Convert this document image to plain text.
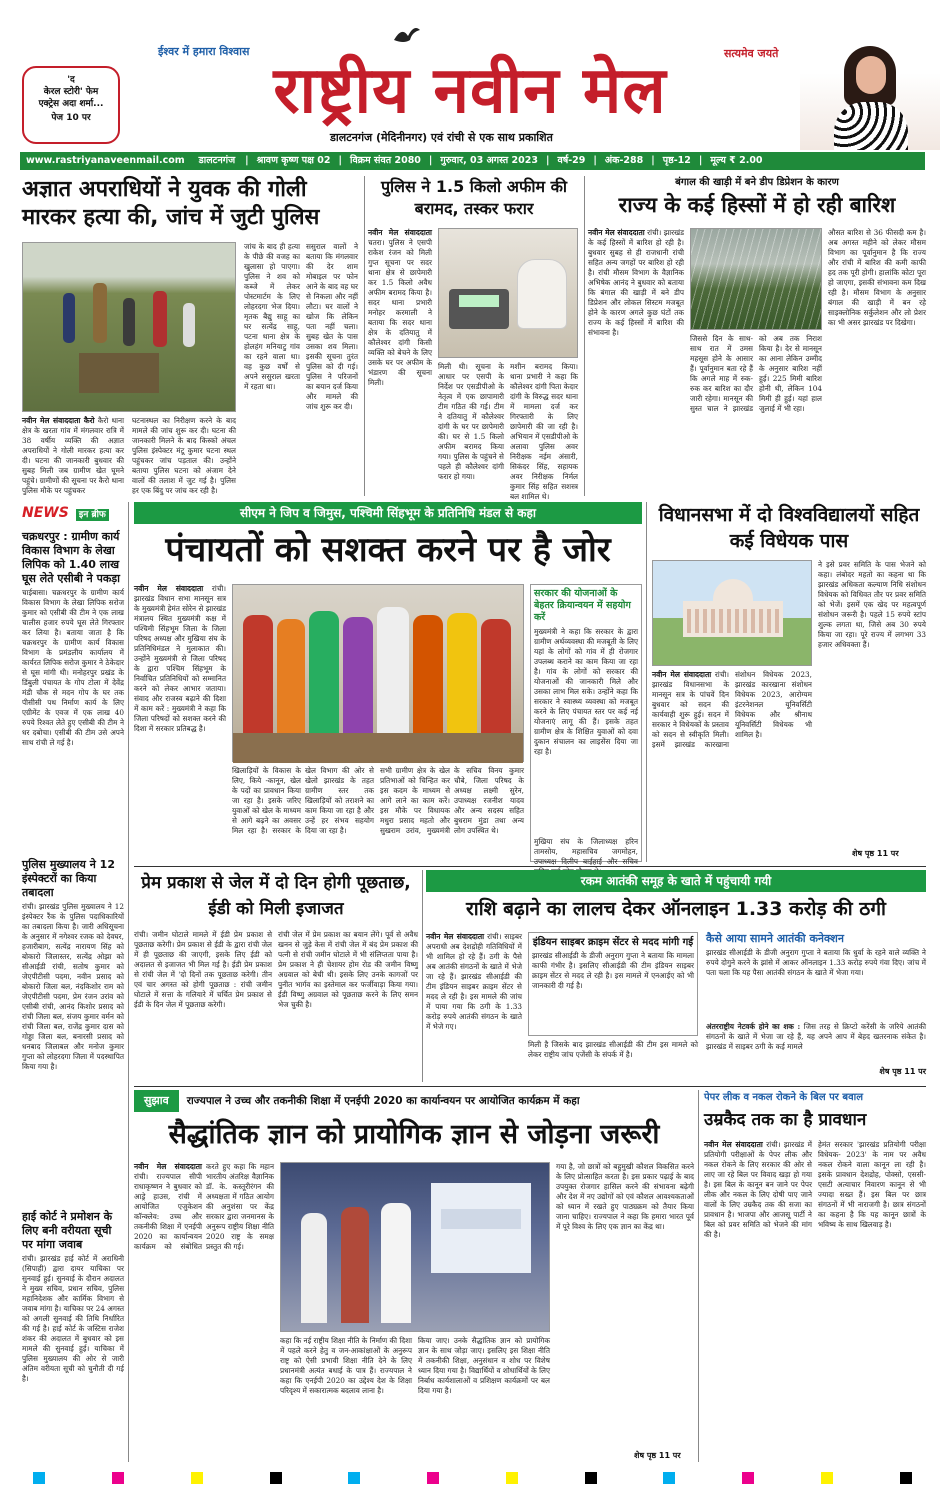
'द
केरल स्टोरी' फेम
एक्ट्रेस अदा शर्मा...
पेज 10 पर
ईश्वर में हमारा विश्वास	सत्यमेव जयते
राष्ट्रीय नवीन मेल
डालटनगंज (मेदिनीनगर) एवं रांची से एक साथ प्रकाशित
www.rastriyanaveenmail.com डालटनगंज | श्रावण कृष्ण पक्ष 02 | विक्रम संवत 2080 | गुरुवार, 03 अगस्त 2023 | वर्ष-29 | अंक-288 | पृष्ठ-12 | मूल्य ₹ 2.00
अज्ञात अपराधियों ने युवक की गोली मारकर हत्या की, जांच में जुटी पुलिस
नवीन मेल संवाददाता कैरो कैरो थाना क्षेत्र के खरता गांव में मंगलवार रात्रि में 38 वर्षीय व्यक्ति की अज्ञात अपराधियों ने गोली मारकर हत्या कर दी। घटना की जानकारी बुधवार की सुबह मिली जब ग्रामीण खेत घूमने पहुंचे। ग्रामीणों की सूचना पर कैरो थाना पुलिस मौके पर पहुंचकर
घटनास्थल का निरीक्षण करने के बाद मामले की जांच शुरू कर दी। घटना की जानकारी मिलने के बाद किस्को अंचल पुलिस इंस्पेक्टर मंटू कुमार घटना स्थल पहुंचकर जांच पड़ताल की। उन्होंने बताया पुलिस घटना को अंजाम देने वालों की तलाश में जुट गई है। पुलिस हर एक बिंदु पर जांच कर रही है।
जांच के बाद ही हत्या के पीछे की वजह का खुलासा हो पाएगा। पुलिस ने शव को कब्जे में लेकर पोस्टमार्टम के लिए लोहरदगा भेज दिया। मृतक बैद्यु साहू का घर सत्येंद्र साहू, पटना थाना क्षेत्र के होलहंग मनियाटु गांव का रहने वाला था। वह कुछ वर्षों से अपने ससुराल खरता में रहता था।
ससुराल वालों ने बताया कि मंगलवार की देर शाम मोबाइल पर फोन आने के बाद वह घर से निकला और नहीं लौटा। घर वालों ने खोज कि लेकिन पता नहीं चला। सुबह खेत के पास उसका शव मिला। इसकी सूचना तुरंत पुलिस को दी गई। पुलिस ने परिजनों का बयान दर्ज किया और मामले की जांच शुरू कर दी।
पुलिस ने 1.5 किलो अफीम की बरामद, तस्कर फरार
नवीन मेल संवाददाता चतरा। पुलिस ने एसपी राकेश रंजन को मिली गुप्त सूचना पर सदर थाना क्षेत्र से छापेमारी कर 1.5 किलो अवैध अफीम बरामद किया है। सदर थाना प्रभारी मनोहर करमाली ने बताया कि सदर थाना क्षेत्र के दतियातु में कौलेश्वर दांगी किसी व्यक्ति को बेचने के लिए उसके घर पर अफीम के भंडारण की सूचना मिली।
मिली थी। सूचना के आधार पर एसपी के निर्देश पर एसडीपीओ के नेतृत्व में एक छापामारी टीम गठित की गई। टीम ने दतियातु में कौलेश्वर दांगी के घर पर छापेमारी की। घर से 1.5 किलो अफीम बरामद किया गया। पुलिस के पहुंचने से पहले ही कौलेश्वर दांगी फरार हो गया।
मशीन बरामद किया। थाना प्रभारी ने कहा कि कौलेश्वर दांगी पिता केदार दांगी के विरुद्ध सदर थाना में मामला दर्ज कर गिरफ्तारी के लिए छापेमारी की जा रही है। अभियान में एसडीपीओ के अलावा पुलिस अवर निरीक्षक नईम अंसारी, सिकंदर सिंह, सहायक अवर निरीक्षक निर्मल कुमार सिंह सहित सशस्त्र बल शामिल थे।
बंगाल की खाड़ी में बने डीप डिप्रेशन के कारण
राज्य के कई हिस्सों में हो रही बारिश
नवीन मेल संवाददाता रांची। झारखंड के कई हिस्सों में बारिश हो रही है। बुधवार सुबह से ही राजधानी रांची सहित अन्य जगहों पर बारिश हो रही है। रांची मौसम विभाग के वैज्ञानिक अभिषेक आनंद ने बुधवार को बताया कि बंगाल की खाड़ी में बने डीप डिप्रेशन और लोकल सिस्टम मजबूत होने के कारण अगले कुछ घंटों तक राज्य के कई हिस्सों में बारिश की संभावना है।
जिससे दिन के साथ-साथ रात में उमस महसूस होने के आसार हैं। पूर्वानुमान बता रहे हैं कि अगले माह में रुक-रुक कर बारिश का दौर जारी रहेगा। मानसून की सुस्त चाल ने झारखंड को अब तक निराश किया है। देर से मानसून का आना लेकिन उम्मीद के अनुसार बारिश नहीं हुई। 225 मिमी बारिश होनी थी, लेकिन 104 मिमी ही हुई। यहां हाल जुलाई में भी रहा।
औसत बारिश से 36 फीसदी कम है। अब अगस्त महीने को लेकर मौसम विभाग का पूर्वानुमान है कि राज्य और रांची में बारिश की कमी काफी हद तक पूरी होगी। हालांकि कोटा पूरा हो जाएगा, इसकी संभावना कम दिख रही है। मौसम विभाग के अनुसार बंगाल की खाड़ी में बन रहे साइक्लोनिक सर्कुलेशन और लो प्रेशर का भी असर झारखंड पर दिखेगा।
NEWS इन ब्रीफ
चक्रधरपुर : ग्रामीण कार्य विकास विभाग के लेखा लिपिक को 1.40 लाख घूस लेते एसीबी ने पकड़ा
चाईबासा। चक्रधरपुर के ग्रामीण कार्य विकास विभाग के लेखा लिपिक सरोज कुमार को एसीबी की टीम ने एक लाख चालीस हजार रुपये घूस लेते गिरफ्तार कर लिया है। बताया जाता है कि चक्रधरपुर के ग्रामीण कार्य विकास विभाग के प्रमंडलीय कार्यालय में कार्यरत लिपिक सरोज कुमार ने ठेकेदार से घूस मांगी थी। मनोहरपुर प्रखंड के डिंबुली पंचायत के गोप टोला में देवेंद्र मंडी चौक से मदन गोप के घर तक पीसीसी पथ निर्माण कार्य के लिए एग्रीमेंट के एवज में एक लाख 40 रुपये रिश्वत लेते हुए एसीबी की टीम ने धर दबोचा। एसीबी की टीम उसे अपने साथ रांची ले गई है।
पुलिस मुख्यालय ने 12 इंस्पेक्टरों का किया तबादला
रांची। झारखंड पुलिस मुख्यालय ने 12 इंस्पेक्टर रैंक के पुलिस पदाधिकारियों का तबादला किया है। जारी अधिसूचना के अनुसार में नगेश्वर रजक को देवघर, हजारीबाग, सत्येंद्र नारायण सिंह को बोकारो जिलास्तर, सत्येंद्र ओझा को सीआईडी रांची, सतोष कुमार को जेएपीटीसी पदमा, नवीन प्रसाद को बोकारो जिला बल, नंदकिशोर राम को जेएपीटीसी पदमा, प्रेम रंजन उरांव को एसीबी रांची, आनंद किशोर प्रसाद को रांची जिला बल, संजय कुमार वर्मन को रांची जिला बल, राजेंद्र कुमार दास को गोड्डा जिला बल, बनारसी प्रसाद को धनबाद जिलाबल और मनोज कुमार गुप्ता को लोहरदगा जिला में पदस्थापित किया गया है।
हाई कोर्ट ने प्रमोशन के लिए बनी वरीयता सूची पर मांगा जवाब
रांची। झारखंड हाई कोर्ट में अराधिनी (सिपाही) द्वारा दायर याचिका पर सुनवाई हुई। सुनवाई के दौरान अदालत ने मुख्य सचिव, प्रधान सचिव, पुलिस महानिदेशक और कार्मिक विभाग से जवाब मांगा है। याचिका पर 24 अगस्त को अगली सुनवाई की तिथि निर्धारित की गई है। हाई कोर्ट के जस्टिस राजेश शंकर की अदालत में बुधवार को इस मामले की सुनवाई हुई। याचिका में पुलिस मुख्यालय की ओर से जारी अंतिम वरीयता सूची को चुनौती दी गई है।
सीएम ने जिप व जिमुस, पश्चिमी सिंहभूम के प्रतिनिधि मंडल से कहा
पंचायतों को सशक्त करने पर है जोर
नवीन मेल संवाददाता रांची। झारखंड विधान सभा मानसून सत्र के मुख्यमंत्री हेमंत सोरेन से झारखंड मंत्रालय स्थित मुख्यमंत्री कक्ष में पश्चिमी सिंहभूम जिला के जिला परिषद अध्यक्ष और मुखिया संघ के प्रतिनिधिमंडल ने मुलाकात की। उन्होंने मुख्यमंत्री से जिला परिषद के द्वारा पश्चिम सिंहभूम के निर्वाचित प्रतिनिधियों को सम्मानित करने को लेकर आभार जताया। संवाद और राजस्व बढ़ाने की दिशा में काम करें : मुख्यमंत्री ने कहा कि जिला परिषदों को सशक्त करने की दिशा में सरकार प्रतिबद्ध है।
खिलाड़ियों के विकास के लिए, किये -कानून, खेल के पदों का प्रावधान किया जा रहा है। इसके जरिए युवाओं को खेल के माध्यम से आगे बढ़ने का अवसर मिल रहा है। सरकार के खेल विभाग की ओर से खेलो झारखंड के तहत ग्रामीण स्तर तक खिलाड़ियों को तराशने का काम किया जा रहा है और उन्हें हर संभव सहयोग दिया जा रहा है।
सभी ग्रामीण क्षेत्र के खेल प्रतिभाओं को चिन्हित कर इस कदम के माध्यम से आगे लाने का काम करें। इस मौके पर विधायक मधुरा प्रसाद महतो और सुखराम उरांव, मुख्यमंत्री के सचिव विनय कुमार चौबे, जिला परिषद के अध्यक्ष लक्ष्मी सुरेन, उपाध्यक्ष रजनीश यादव और अन्य सदस्य सहित बुधराम मुंडा तथा अन्य लोग उपस्थित थे।
सरकार की योजनाओं के बेहतर क्रियान्वयन में सहयोग करें
मुख्यमंत्री ने कहा कि सरकार के द्वारा ग्रामीण अर्थव्यवस्था की मजबूती के लिए यहां के लोगों को गांव में ही रोजगार उपलब्ध कराने का काम किया जा रहा है। गांव के लोगों को सरकार की योजनाओं की जानकारी मिले और उसका लाभ मिल सके। उन्होंने कहा कि सरकार ने स्वास्थ्य व्यवस्था को मजबूत करने के लिए पंचायत स्तर पर कई नई योजनाएं लागू की हैं। इसके तहत ग्रामीण क्षेत्र के शिक्षित युवाओं को दवा दुकान संचालन का लाइसेंस दिया जा रहा है।
मुखिया संघ के जिलाध्यक्ष हरिन तामसोय, महासचिव जगमोहन, उपाध्यक्ष दिलीप बाईहाई और सचिव
विधानसभा में दो विश्वविद्यालयों सहित कई विधेयक पास
नवीन मेल संवाददाता रांची। झारखंड विधानसभा के मानसून सत्र के पांचवें दिन बुधवार को सदन की कार्यवाही शुरू हुई। सदन में सरकार ने विधेयकों के प्रस्ताव को सदन से स्वीकृति मिली। इसमें झारखंड कारखाना संशोधन विधेयक 2023, झारखंड कारखाना संशोधन विधेयक 2023, आरोग्यम इंटरनेशनल यूनिवर्सिटी विधेयक और श्रीनाथ यूनिवर्सिटी विधेयक भी शामिल है।
ने इसे प्रवर समिति के पास भेजने को कहा। लंबोदर महतो का कहना था कि झारखंड अधिकता कल्याण निधि संशोधन विधेयक को विधिवत तौर पर प्रवर समिति को भेजें। इसमें एक खेद पर महत्वपूर्ण संशोधन जरूरी है। पहले 15 रुपये स्टांप शुल्क लगता था, जिसे अब 30 रुपये किया जा रहा। पूरे राज्य में लगभग 33 हजार अधिवक्ता हैं।
शेष पृष्ठ 11 पर
प्रेम प्रकाश से जेल में दो दिन होगी पूछताछ, ईडी को मिली इजाजत
रांची। जमीन घोटाले मामले में ईडी प्रेम प्रकाश से पूछताछ करेगी। प्रेम प्रकाश से ईडी के द्वारा रांची जेल में ही पूछताछ की जाएगी, इसके लिए ईडी को अदालत से इजाजत भी मिल गई है। ईडी प्रेम प्रकाश से रांची जेल में 'दो दिनों तक पूछताछ करेगी। तीन एवं चार अगस्त को होगी पूछताछ : रांची जमीन घोटाले में सत्ता के गलियारे में चर्चित प्रेम प्रकाश से ईडी के दिन जेल में पूछताछ करेगी।
रांची जेल में प्रेम प्रकाश का बयान लेंगे। पूर्व से अवैध खनन से जुड़े केस में रांची जेल में बंद प्रेम प्रकाश की पत्नी से रांची जमीन घोटाले में भी संलिप्तता पाया है। प्रेम प्रकाश ने ही चेशायर होम रोड की जमीन विष्णु अग्रवाल को बेची थी। इसके लिए उनके कागजों पर पुनीत भार्गव का इस्तेमाल कर फर्जीवाड़ा किया गया। ईडी विष्णु अग्रवाल को पूछताछ करने के लिए समन भेज चुकी है।
रकम आतंकी समूह के खाते में पहुंचायी गयी
राशि बढ़ाने का लालच देकर ऑनलाइन 1.33 करोड़ की ठगी
नवीन मेल संवाददाता रांची। साइबर अपराधी अब देशद्रोही गतिविधियों में भी शामिल हो रहे हैं। ठगी के पैसे अब आतंकी संगठनों के खाते में भेजे जा रहे हैं। झारखंड सीआईडी की टीम इंडियन साइबर क्राइम सेंटर से मदद ले रही है। इस मामले की जांच में पाया गया कि ठगी के 1.33 करोड़ रुपये आतंकी संगठन के खाते में भेजे गए।
इंडियन साइबर क्राइम सेंटर से मदद मांगी गई
झारखंड सीआईडी के डीजी अनुराग गुप्ता ने बताया कि मामला काफी गंभीर है। इसलिए सीआईडी की टीम इंडियन साइबर क्राइम सेंटर से मदद ले रही है। इस मामले में एनआईए को भी जानकारी दी गई है।
मिली है जिसके बाद झारखंड सीआईडी की टीम इस मामले को लेकर राष्ट्रीय जांच एजेंसी के संपर्क में है।
कैसे आया सामने आतंकी कनेक्शन
झारखंड सीआईडी के डीजी अनुराग गुप्ता ने बताया कि धुर्वा के रहने वाले व्यक्ति ने रुपये दोगुने करने के झांसे में आकर ऑनलाइन 1.33 करोड़ रुपये गंवा दिए। जांच में पता चला कि यह पैसा आतंकी संगठन के खाते में भेजा गया।
अंतरराष्ट्रीय नेटवर्क होने का शक : जिस तरह से क्रिप्टो करेंसी के जरिये आतंकी संगठनों के खाते में भेजा जा रहे हैं, यह अपने आप में बेहद खतरनाक संकेत है। झारखंड में साइबर ठगी के कई मामले
शेष पृष्ठ 11 पर
सुझाव	राज्यपाल ने उच्च और तकनीकी शिक्षा में एनईपी 2020 का कार्यान्वयन पर आयोजित कार्यक्रम में कहा
सैद्धांतिक ज्ञान को प्रायोगिक ज्ञान से जोड़ना जरूरी
नवीन मेल संवाददाता रांची। राज्यपाल सीपी राधाकृष्णन ने बुधवार को आड्रे हाउस, रांची में आयोजित एजुकेशन कॉन्क्लेव: उच्च और तकनीकी शिक्षा में एनईपी 2020 का कार्यान्वयन कार्यक्रम को संबोधित करते हुए कहा कि महान भारतीय अंतरिक्ष वैज्ञानिक डॉ. के. कस्तूरीरंगन की अध्यक्षता में गठित आयोग की अनुशंसा पर केंद्र सरकार द्वारा जनमानस के अनुरूप राष्ट्रीय शिक्षा नीति 2020 राष्ट्र के समक्ष प्रस्तुत की गई।
कहा कि नई राष्ट्रीय शिक्षा नीति के निर्माण की दिशा में पहले करने हेतु व जन-आकांक्षाओं के अनुरूप राष्ट्र को ऐसी प्रभावी शिक्षा नीति देने के लिए प्रधानमंत्री अत्यंत बधाई के पात्र हैं। राज्यपाल ने कहा कि एनईपी 2020 का उद्देश्य देश के शिक्षा परिदृश्य में सकारात्मक बदलाव लाना है।
किया जाए। उनके सैद्धांतिक ज्ञान को प्रायोगिक ज्ञान के साथ जोड़ा जाए। इसलिए इस शिक्षा नीति में तकनीकी शिक्षा, अनुसंधान व शोध पर विशेष ध्यान दिया गया है। विद्यार्थियों व शोधार्थियों के लिए निर्बाध कार्यशालाओं व प्रशिक्षण कार्यक्रमों पर बल दिया गया है।
गया है, जो छात्रों को बहुमुखी कौशल विकसित करने के लिए प्रोत्साहित करता है। इस प्रकार पढ़ाई के बाद उपयुक्त रोजगार हासिल करने की संभावना बढ़ेगी और देश में नए उद्योगों को एवं कौशल आवश्यकताओं को ध्यान में रखते हुए पाठ्यक्रम को तैयार किया जाना चाहिए। राज्यपाल ने कहा कि हमारा भारत पूर्व में पूरे विश्व के लिए एक ज्ञान का केंद्र था।
शेष पृष्ठ 11 पर
पेपर लीक व नकल रोकने के बिल पर बवाल
उम्रकैद तक का है प्रावधान
नवीन मेल संवाददाता रांची। झारखंड में प्रतियोगी परीक्षाओं के पेपर लीक और नकल रोकने के लिए सरकार की ओर से लाए जा रहे बिल पर विवाद खड़ा हो गया है। इस बिल के कानून बन जाने पर पेपर लीक और नकल के लिए दोषी पाए जाने वालों के लिए उम्रकैद तक की सजा का प्रावधान है। भाजपा और आजसू पार्टी ने बिल को प्रवर समिति को भेजने की मांग की है।
हेमंत सरकार 'झारखंड प्रतियोगी परीक्षा विधेयक- 2023' के नाम पर अवैध नकल रोकने वाला कानून ला रही है। इसके प्रावधान देशद्रोह, पोक्सो, एससी-एसटी अत्याचार निवारण कानून से भी ज्यादा सख्त हैं। इस बिल पर छात्र संगठनों में भी नाराजगी है। छात्र संगठनों का कहना है कि यह कानून छात्रों के भविष्य के साथ खिलवाड़ है।
